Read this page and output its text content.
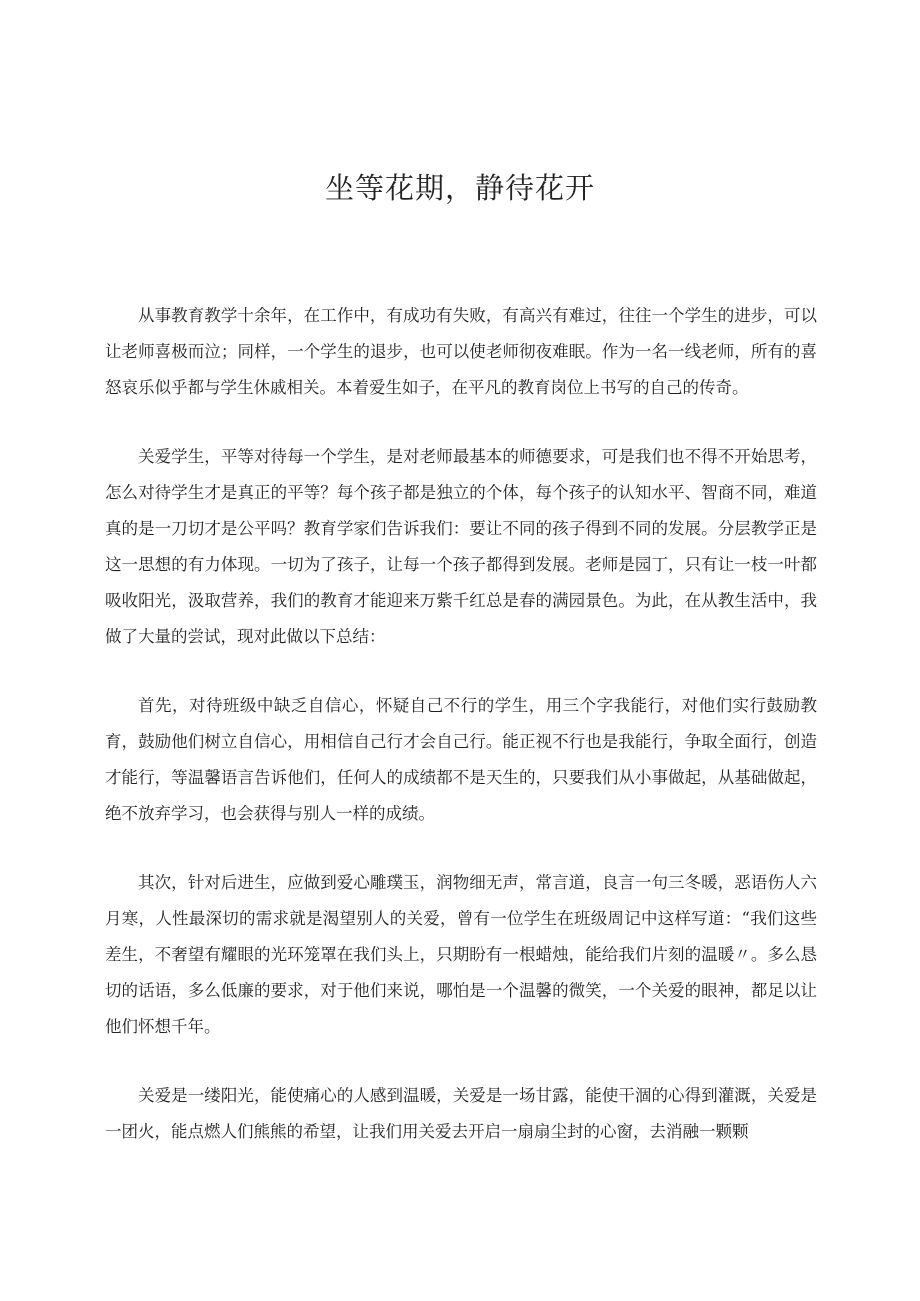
坐等花期，静待花开

从事教育教学十余年，在工作中，有成功有失败，有高兴有难过，往往一个学生的进步，可以让老师喜极而泣；同样，一个学生的退步，也可以使老师彻夜难眠。作为一名一线老师，所有的喜怒哀乐似乎都与学生休戚相关。本着爱生如子，在平凡的教育岗位上书写的自己的传奇。

关爱学生，平等对待每一个学生，是对老师最基本的师德要求，可是我们也不得不开始思考，怎么对待学生才是真正的平等？每个孩子都是独立的个体，每个孩子的认知水平、智商不同，难道真的是一刀切才是公平吗？教育学家们告诉我们：要让不同的孩子得到不同的发展。分层教学正是这一思想的有力体现。一切为了孩子，让每一个孩子都得到发展。老师是园丁，只有让一枝一叶都吸收阳光，汲取营养，我们的教育才能迎来万紫千红总是春的满园景色。为此，在从教生活中，我做了大量的尝试，现对此做以下总结：

首先，对待班级中缺乏自信心，怀疑自己不行的学生，用三个字我能行，对他们实行鼓励教育，鼓励他们树立自信心，用相信自己行才会自己行。能正视不行也是我能行，争取全面行，创造才能行，等温馨语言告诉他们，任何人的成绩都不是天生的，只要我们从小事做起，从基础做起，绝不放弃学习，也会获得与别人一样的成绩。

其次，针对后进生，应做到爱心雕璞玉，润物细无声，常言道，良言一句三冬暖，恶语伤人六月寒，人性最深切的需求就是渴望别人的关爱，曾有一位学生在班级周记中这样写道：“我们这些差生，不奢望有耀眼的光环笼罩在我们头上，只期盼有一根蜡烛，能给我们片刻的温暖〃。多么恳切的话语，多么低廉的要求，对于他们来说，哪怕是一个温馨的微笑，一个关爱的眼神，都足以让他们怀想千年。

关爱是一缕阳光，能使痛心的人感到温暖，关爱是一场甘露，能使干涸的心得到灌溉，关爱是一团火，能点燃人们熊熊的希望，让我们用关爱去开启一扇扇尘封的心窗，去消融一颗颗
